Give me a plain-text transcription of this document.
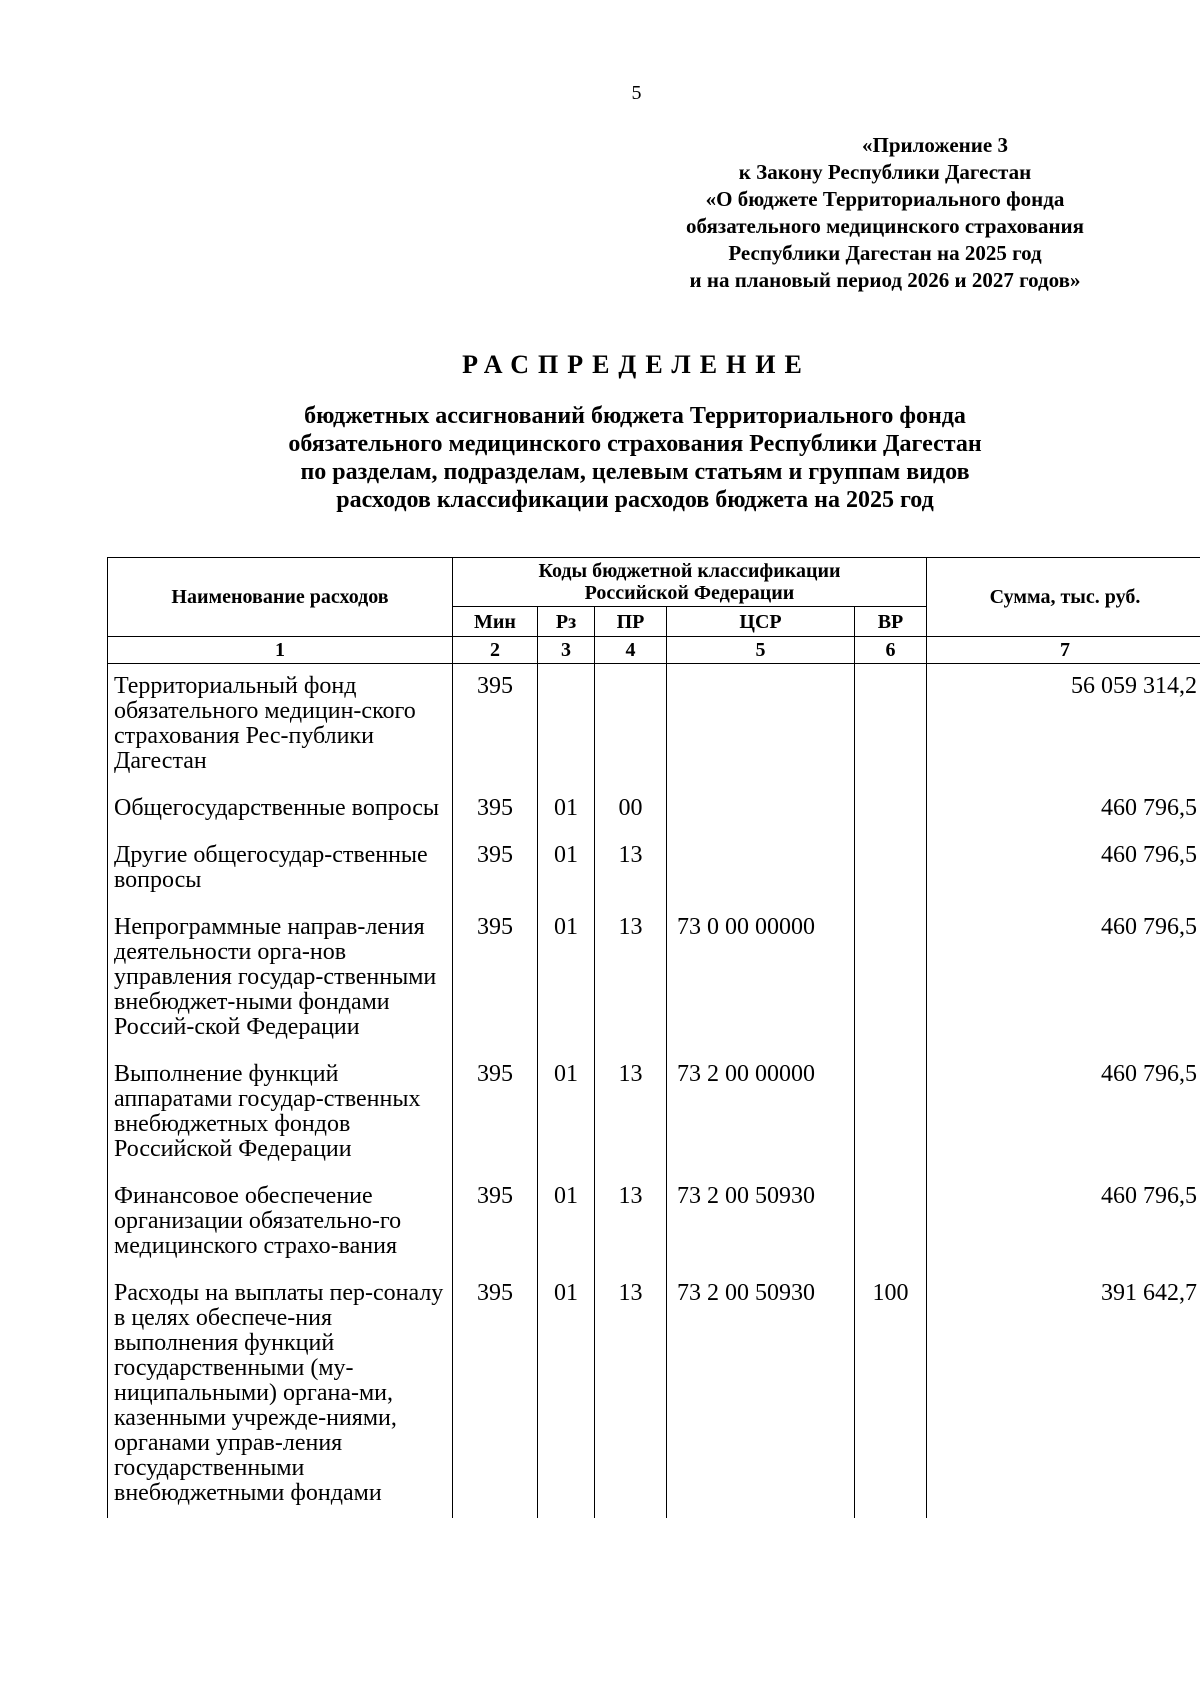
5
«Приложение 3
к Закону Республики Дагестан
«О бюджете Территориального фонда
обязательного медицинского страхования
Республики Дагестан на 2025 год
и на плановый период 2026 и 2027 годов»
РАСПРЕДЕЛЕНИЕ
бюджетных ассигнований бюджета Территориального фонда
обязательного медицинского страхования Республики Дагестан
по разделам, подразделам, целевым статьям и группам видов
расходов классификации расходов бюджета на 2025 год
Наименование расходов	Коды бюджетной классификации Российской Федерации					Сумма, тыс. руб.
	Мин	Рз	ПР	ЦСР	ВР	
1	2	3	4	5	6	7
Территориальный фонд обязательного медицин-ского страхования Рес-публики Дагестан	395					56 059 314,2
Общегосударственные вопросы	395	01	00			460 796,5
Другие общегосудар-ственные вопросы	395	01	13			460 796,5
Непрограммные направ-ления деятельности орга-нов управления государ-ственными внебюджет-ными фондами Россий-ской Федерации	395	01	13	73 0 00 00000		460 796,5
Выполнение функций аппаратами государ-ственных внебюджетных фондов Российской Федерации	395	01	13	73 2 00 00000		460 796,5
Финансовое обеспечение организации обязательно-го медицинского страхо-вания	395	01	13	73 2 00 50930		460 796,5
Расходы на выплаты пер-соналу в целях обеспече-ния выполнения функций государственными (му-ниципальными) органа-ми, казенными учрежде-ниями, органами управ-ления государственными внебюджетными фондами	395	01	13	73 2 00 50930	100	391 642,7
